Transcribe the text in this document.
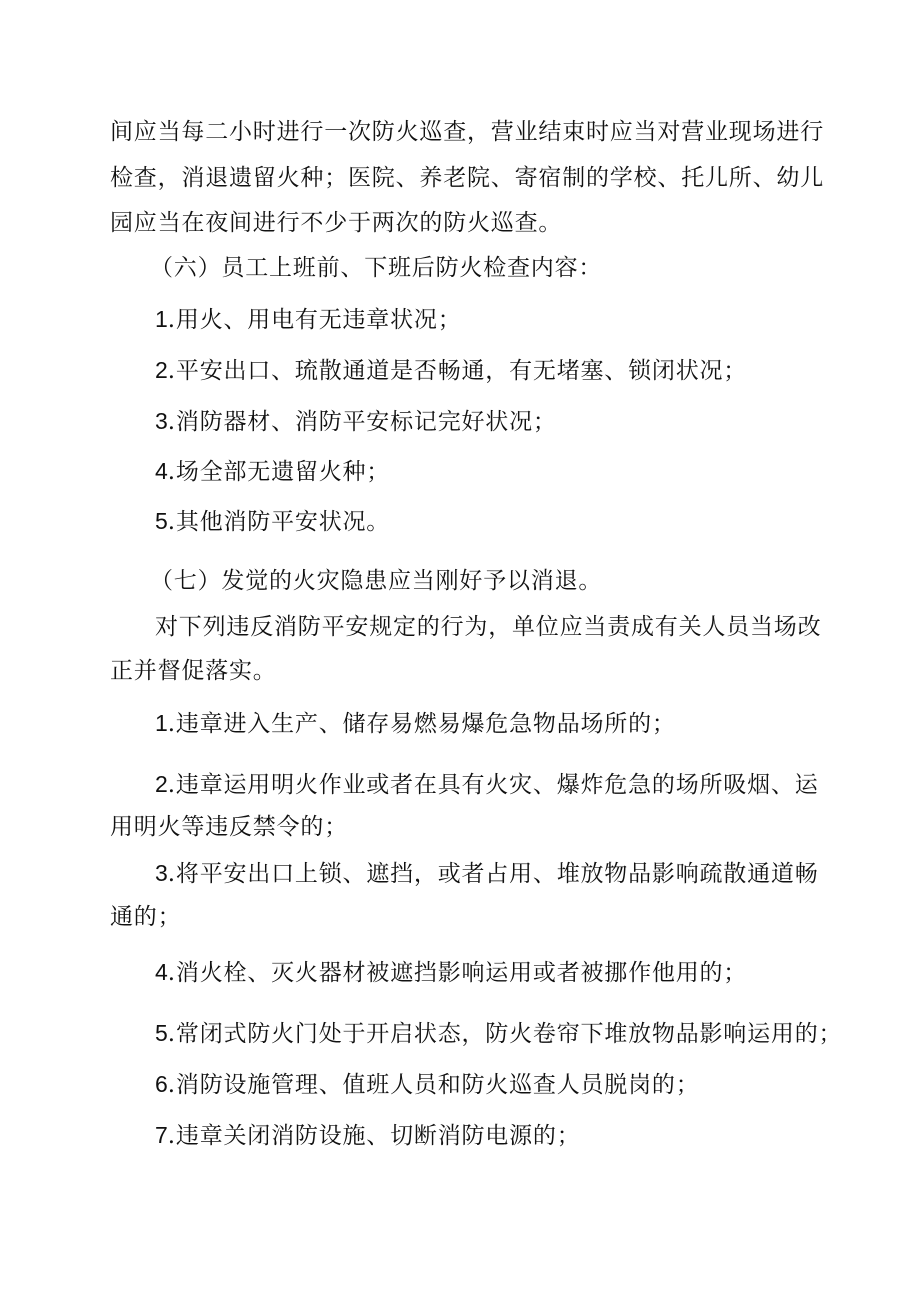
间应当每二小时进行一次防火巡查，营业结束时应当对营业现场进行

检查，消退遗留火种；医院、养老院、寄宿制的学校、托儿所、幼儿

园应当在夜间进行不少于两次的防火巡查。

（六）员工上班前、下班后防火检查内容：

1.用火、用电有无违章状况；

2.平安出口、琉散通道是否畅通，有无堵塞、锁闭状况；

3.消防器材、消防平安标记完好状况；

4.场全部无遗留火种；

5.其他消防平安状况。

（七）发觉的火灾隐患应当刚好予以消退。

对下列违反消防平安规定的行为，单位应当责成有关人员当场改

正并督促落实。

1.违章进入生产、储存易燃易爆危急物品场所的；

2.违章运用明火作业或者在具有火灾、爆炸危急的场所吸烟、运

用明火等违反禁令的；

3.将平安出口上锁、遮挡，或者占用、堆放物品影响疏散通道畅

通的；

4.消火栓、灭火器材被遮挡影响运用或者被挪作他用的；

5.常闭式防火门处于开启状态，防火卷帘下堆放物品影响运用的；

6.消防设施管理、值班人员和防火巡查人员脱岗的；

7.违章关闭消防设施、切断消防电源的；
